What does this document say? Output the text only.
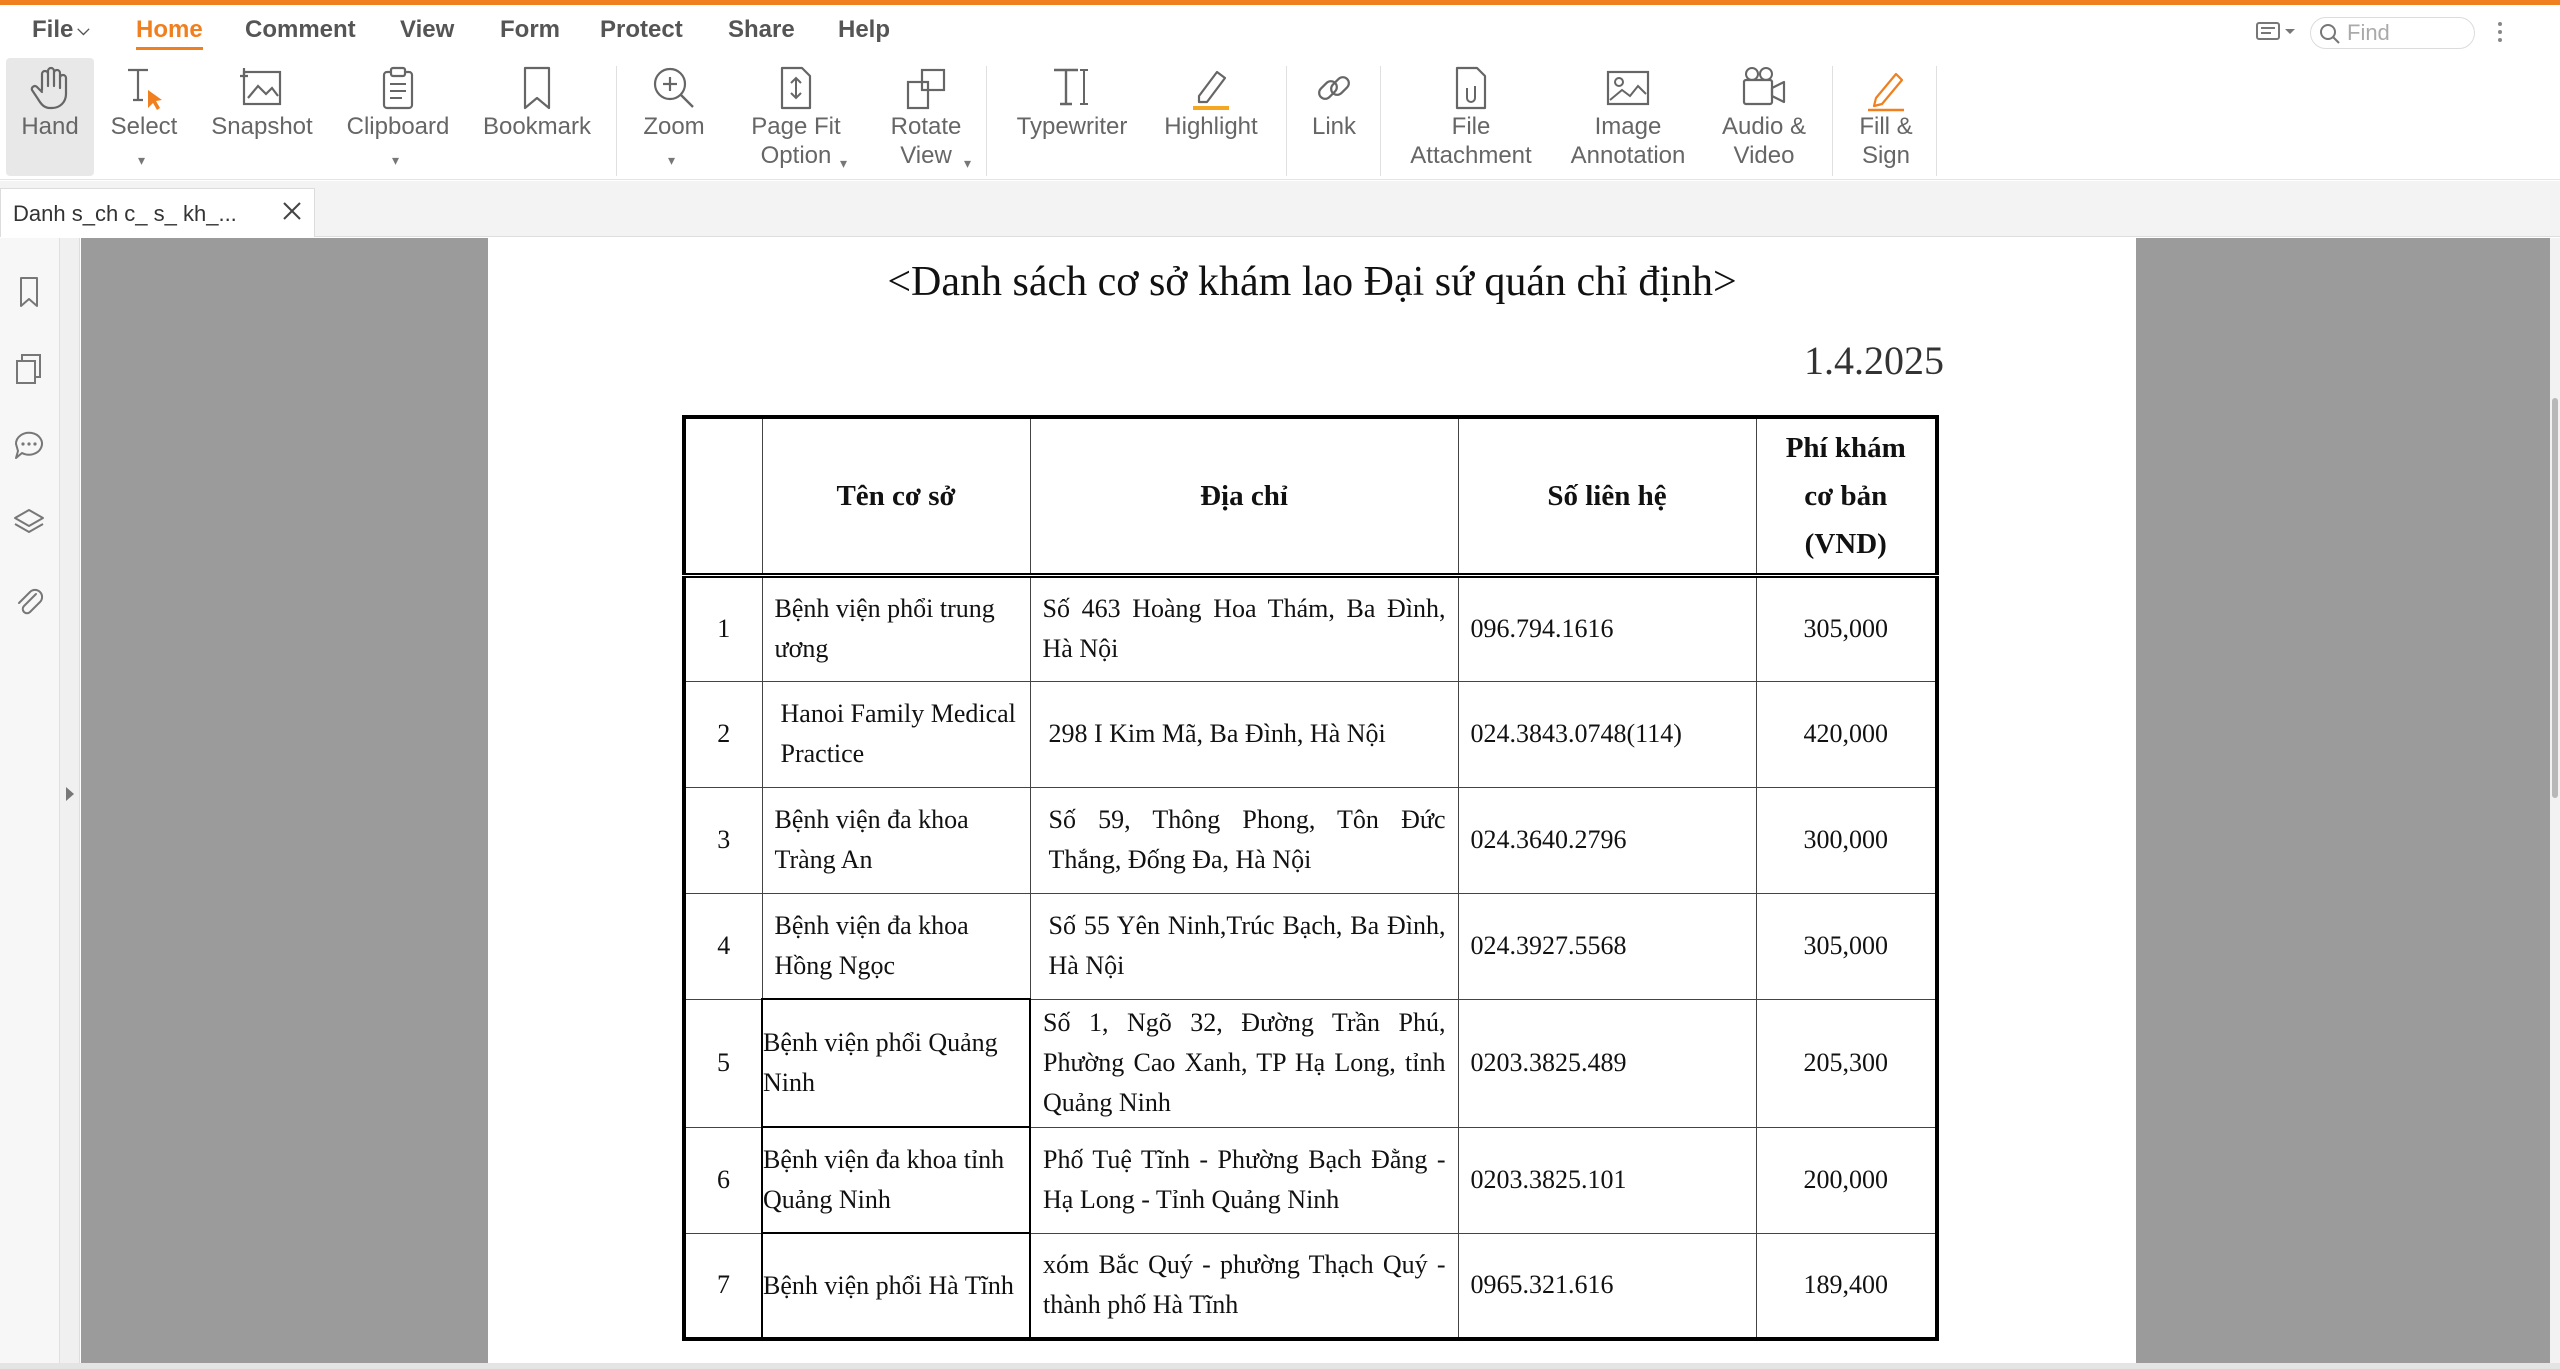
File ⌵ Home Comment View Form Protect Share Help
Find
Hand	Select
▾
Snapshot	Clipboard
▾
Bookmark	Zoom
▾
Page Fit
Option ▾
Rotate
View ▾
Typewriter	Highlight	Link	File
Attachment
Image
Annotation
Audio &
Video
Fill &
Sign
Danh s_ch c_ s_ kh_...
<Danh sách cơ sở khám lao Đại sứ quán chỉ định>
1.4.2025
	Tên cơ sở	Địa chỉ	Số liên hệ	Phí khám
cơ bản
(VND)
1	Bệnh viện phổi trung ương	Số 463 Hoàng Hoa Thám, Ba Đình, Hà Nội	096.794.1616	305,000
2	Hanoi Family Medical Practice	298 I Kim Mã, Ba Đình, Hà Nội	024.3843.0748(114)	420,000
3	Bệnh viện đa khoa Tràng An	Số 59, Thông Phong, Tôn Đức Thắng, Đống Đa, Hà Nội	024.3640.2796	300,000
4	Bệnh viện đa khoa Hồng Ngọc	Số 55 Yên Ninh,Trúc Bạch, Ba Đình, Hà Nội	024.3927.5568	305,000
5	Bệnh viện phổi Quảng Ninh	Số 1, Ngõ 32, Đường Trần Phú, Phường Cao Xanh, TP Hạ Long, tỉnh Quảng Ninh	0203.3825.489	205,300
6	Bệnh viện đa khoa tỉnh Quảng Ninh	Phố Tuệ Tĩnh - Phường Bạch Đằng - Hạ Long - Tỉnh Quảng Ninh	0203.3825.101	200,000
7	Bệnh viện phổi Hà Tĩnh	xóm Bắc Quý - phường Thạch Quý - thành phố Hà Tĩnh	0965.321.616	189,400
